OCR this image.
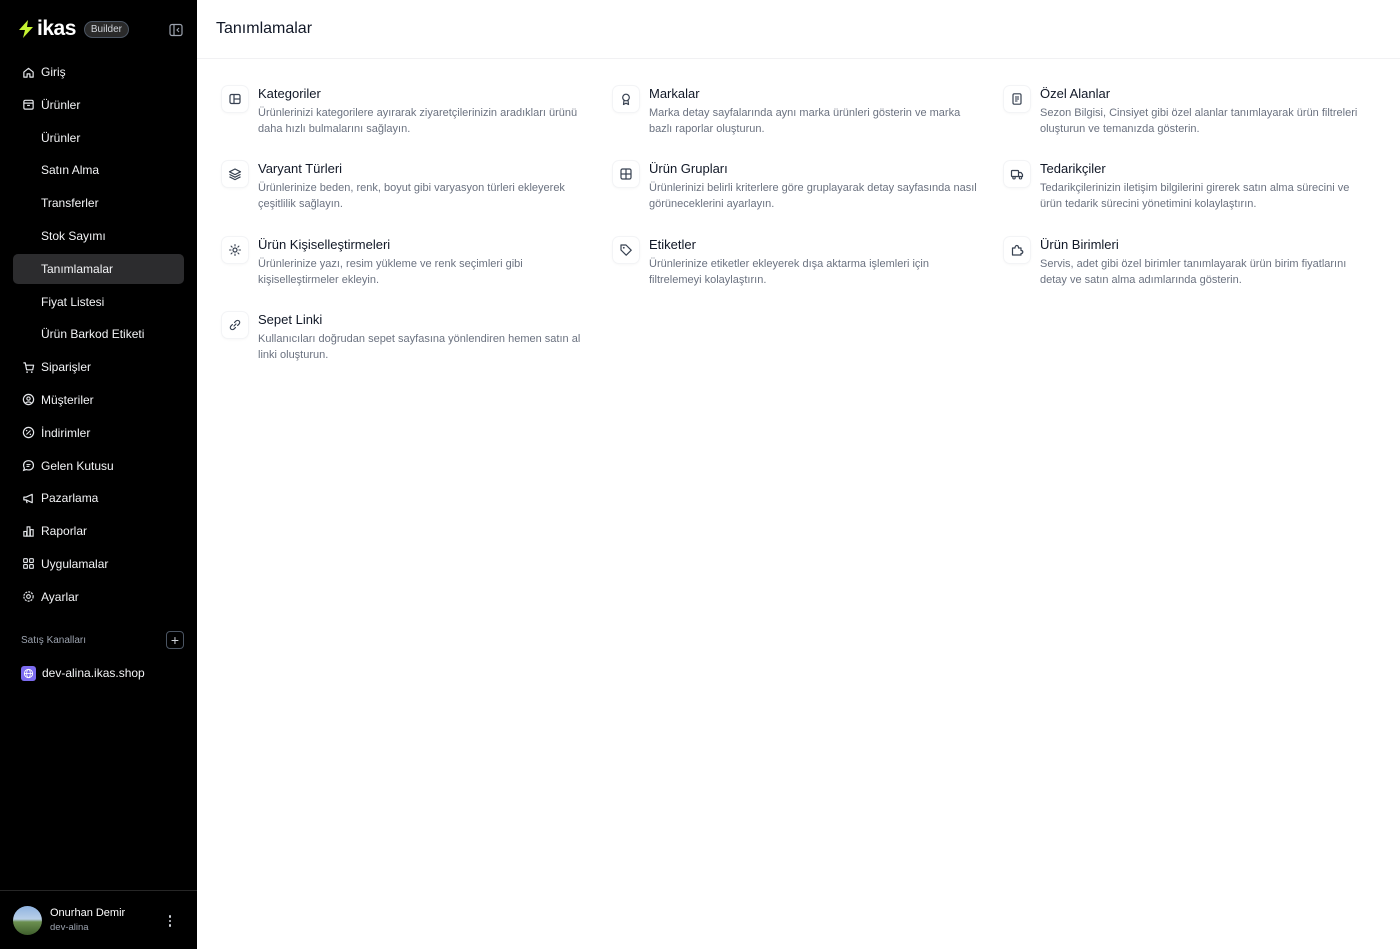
ikas	Builder
Giriş
Ürünler
Ürünler
Satın Alma
Transferler
Stok Sayımı
Tanımlamalar
Fiyat Listesi
Ürün Barkod Etiketi
Siparişler
Müşteriler
İndirimler
Gelen Kutusu
Pazarlama
Raporlar
Uygulamalar
Ayarlar
Satış Kanalları	+
dev-alina.ikas.shop
Onurhan Demir
dev-alina
Tanımlamalar
Kategoriler
Ürünlerinizi kategorilere ayırarak ziyaretçilerinizin aradıkları ürünü daha hızlı bulmalarını sağlayın.
Markalar
Marka detay sayfalarında aynı marka ürünleri gösterin ve marka bazlı raporlar oluşturun.
Özel Alanlar
Sezon Bilgisi, Cinsiyet gibi özel alanlar tanımlayarak ürün filtreleri oluşturun ve temanızda gösterin.
Varyant Türleri
Ürünlerinize beden, renk, boyut gibi varyasyon türleri ekleyerek çeşitlilik sağlayın.
Ürün Grupları
Ürünlerinizi belirli kriterlere göre gruplayarak detay sayfasında nasıl görüneceklerini ayarlayın.
Tedarikçiler
Tedarikçilerinizin iletişim bilgilerini girerek satın alma sürecini ve ürün tedarik sürecini yönetimini kolaylaştırın.
Ürün Kişiselleştirmeleri
Ürünlerinize yazı, resim yükleme ve renk seçimleri gibi kişiselleştirmeler ekleyin.
Etiketler
Ürünlerinize etiketler ekleyerek dışa aktarma işlemleri için filtrelemeyi kolaylaştırın.
Ürün Birimleri
Servis, adet gibi özel birimler tanımlayarak ürün birim fiyatlarını detay ve satın alma adımlarında gösterin.
Sepet Linki
Kullanıcıları doğrudan sepet sayfasına yönlendiren hemen satın al linki oluşturun.
